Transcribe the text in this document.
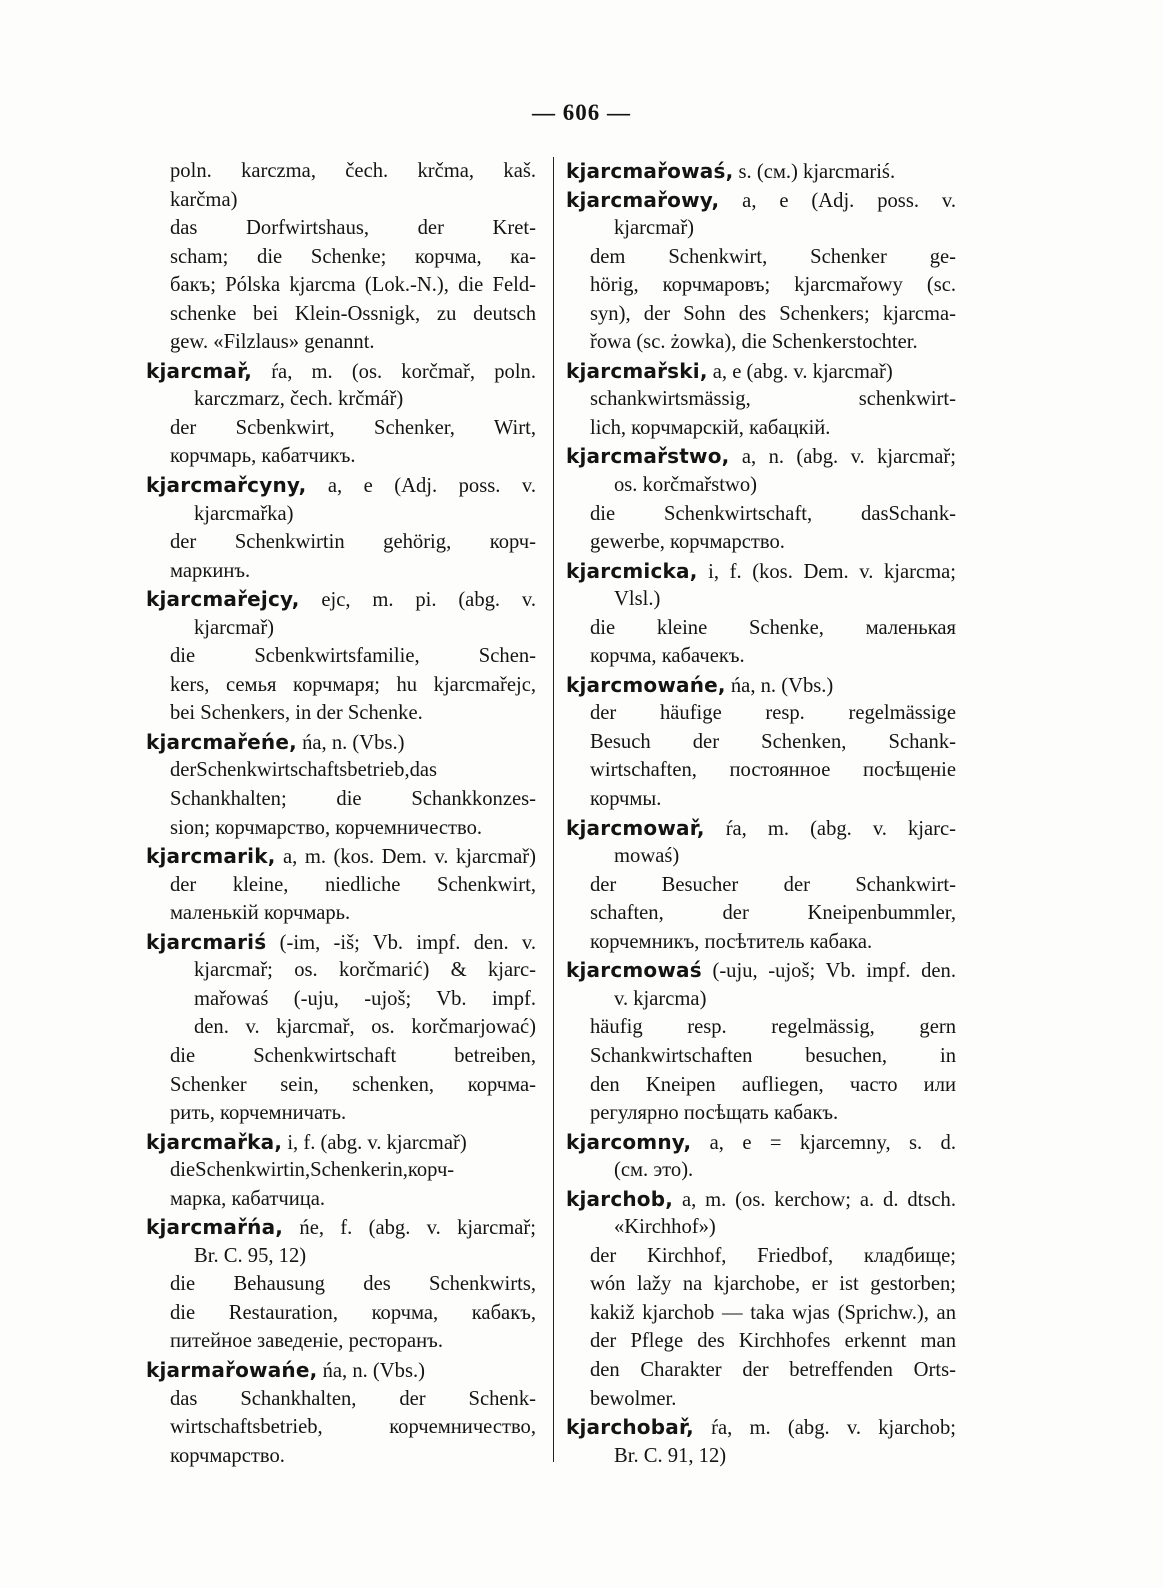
— 606 —
poln. karczma, čech. krčma, kaš.
karčma)
das Dorfwirtshaus, der Kret-
scham; die Schenke; корчма, ка-
бакъ; Pólska kjarcma (Lok.-N.), die Feld-
schenke bei Klein-Ossnigk, zu deutsch
gew. «Filzlaus» genannt.
kjarcmař, ŕa, m. (os. korčmař, poln.
karczmarz, čech. krčmář)
der Scbenkwirt, Schenker, Wirt,
корчмарь, кабатчикъ.
kjarcmařcyny, a, e (Adj. poss. v.
kjarcmařka)
der Schenkwirtin gehörig, корч-
маркинъ.
kjarcmařejcy, ejc, m. pi. (abg. v.
kjarcmař)
die Scbenkwirtsfamilie, Schen-
kers, семья корчмаря; hu kjarcmařejc,
bei Schenkers, in der Schenke.
kjarcmařeńe, ńa, n. (Vbs.)
derSchenkwirtschaftsbetrieb,das
Schankhalten; die Schankkonzes-
sion; корчмарство, корчемничество.
kjarcmarik, a, m. (kos. Dem. v. kjarcmař)
der kleine, niedliche Schenkwirt,
маленькій корчмарь.
kjarcmariś (-im, -iš; Vb. impf. den. v.
kjarcmař; os. korčmarić) & kjarc-
mařowaś (-uju, -ujoš; Vb. impf.
den. v. kjarcmař, os. korčmarjować)
die Schenkwirtschaft betreiben,
Schenker sein, schenken, корчма-
рить, корчемничать.
kjarcmařka, i, f. (abg. v. kjarcmař)
dieSchenkwirtin,Schenkerin,корч-
марка, кабатчица.
kjarcmařńa, ńe, f. (abg. v. kjarcmař;
Br. C. 95, 12)
die Behausung des Schenkwirts,
die Restauration, корчма, кабакъ,
питейное заведеніе, ресторанъ.
kjarmařowańe, ńa, n. (Vbs.)
das Schankhalten, der Schenk-
wirtschaftsbetrieb, корчемничество,
корчмарство.
kjarcmařowaś, s. (см.) kjarcmariś.
kjarcmařowy, a, e (Adj. poss. v.
kjarcmař)
dem Schenkwirt, Schenker ge-
hörig, корчмаровъ; kjarcmařowy (sc.
syn), der Sohn des Schenkers; kjarcma-
řowa (sc. żowka), die Schenkerstochter.
kjarcmařski, a, e (abg. v. kjarcmař)
schankwirtsmässig, schenkwirt-
lich, корчмарскій, кабацкій.
kjarcmařstwo, a, n. (abg. v. kjarcmař;
os. korčmařstwo)
die Schenkwirtschaft, dasSchank-
gewerbe, корчмарство.
kjarcmicka, i, f. (kos. Dem. v. kjarcma;
Vlsl.)
die kleine Schenke, маленькая
корчма, кабачекъ.
kjarcmowańe, ńa, n. (Vbs.)
der häufige resp. regelmässige
Besuch der Schenken, Schank-
wirtschaften, постоянное посѣщеніе
корчмы.
kjarcmowař, ŕa, m. (abg. v. kjarc-
mowaś)
der Besucher der Schankwirt-
schaften, der Kneipenbummler,
корчемникъ, посѣтитель кабака.
kjarcmowaś (-uju, -ujoš; Vb. impf. den.
v. kjarcma)
häufig resp. regelmässig, gern
Schankwirtschaften besuchen, in
den Kneipen aufliegen, часто или
регулярно посѣщать кабакъ.
kjarcomny, a, e = kjarcemny, s. d.
(см. это).
kjarchob, a, m. (os. kerchow; a. d. dtsch.
«Kirchhof»)
der Kirchhof, Friedbof, кладбище;
wón lažy na kjarchobe, er ist gestorben;
kakiž kjarchob — taka wjas (Sprichw.), an
der Pflege des Kirchhofes erkennt man
den Charakter der betreffenden Orts-
bewolmer.
kjarchobař, ŕa, m. (abg. v. kjarchob;
Br. C. 91, 12)
